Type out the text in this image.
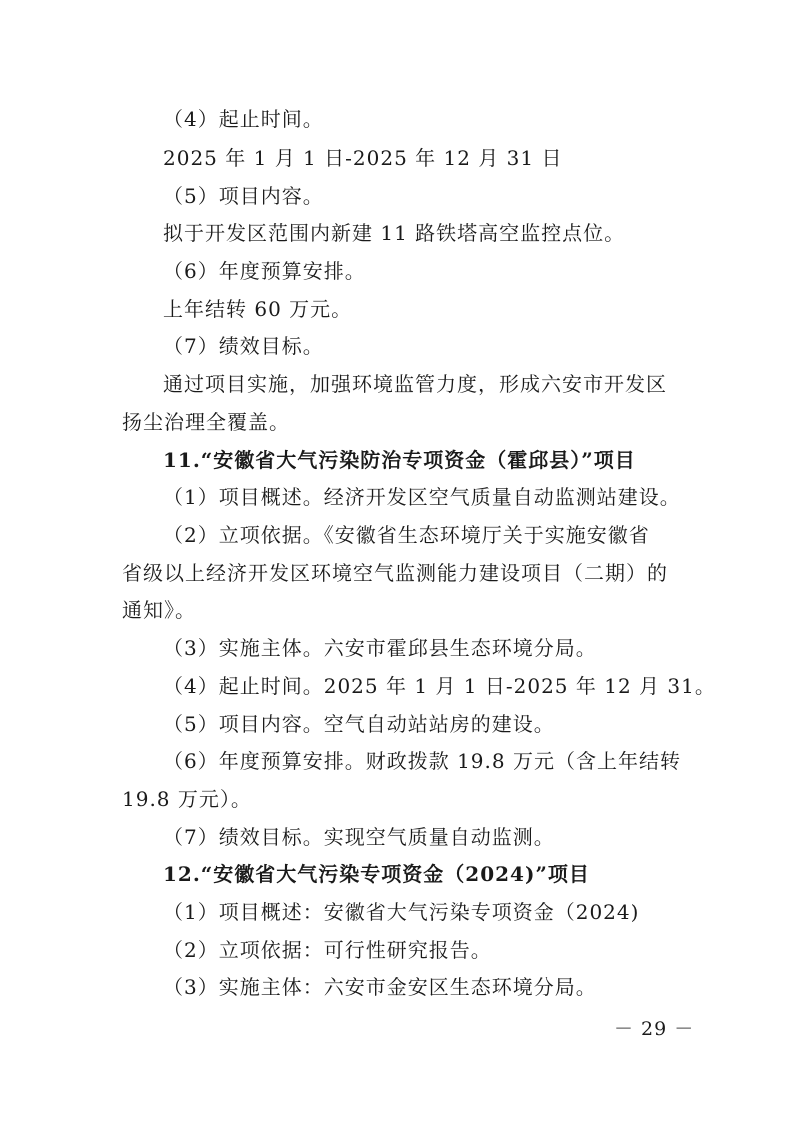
（4）起止时间。
2025 年 1 月 1 日-2025 年 12 月 31 日
（5）项目内容。
拟于开发区范围内新建 11 路铁塔高空监控点位。
（6）年度预算安排。
上年结转 60 万元。
（7）绩效目标。
通过项目实施，加强环境监管力度，形成六安市开发区
扬尘治理全覆盖。
11.“安徽省大气污染防治专项资金（霍邱县）”项目
（1）项目概述。经济开发区空气质量自动监测站建设。
（2）立项依据。《安徽省生态环境厅关于实施安徽省
省级以上经济开发区环境空气监测能力建设项目（二期）的
通知》。
（3）实施主体。六安市霍邱县生态环境分局。
（4）起止时间。2025 年 1 月 1 日-2025 年 12 月 31。
（5）项目内容。空气自动站站房的建设。
（6）年度预算安排。财政拨款 19.8 万元（含上年结转
19.8 万元）。
（7）绩效目标。实现空气质量自动监测。
12.“安徽省大气污染专项资金（2024)”项目
（1）项目概述：安徽省大气污染专项资金（2024)
（2）立项依据：可行性研究报告。
（3）实施主体：六安市金安区生态环境分局。
－ 29 －
